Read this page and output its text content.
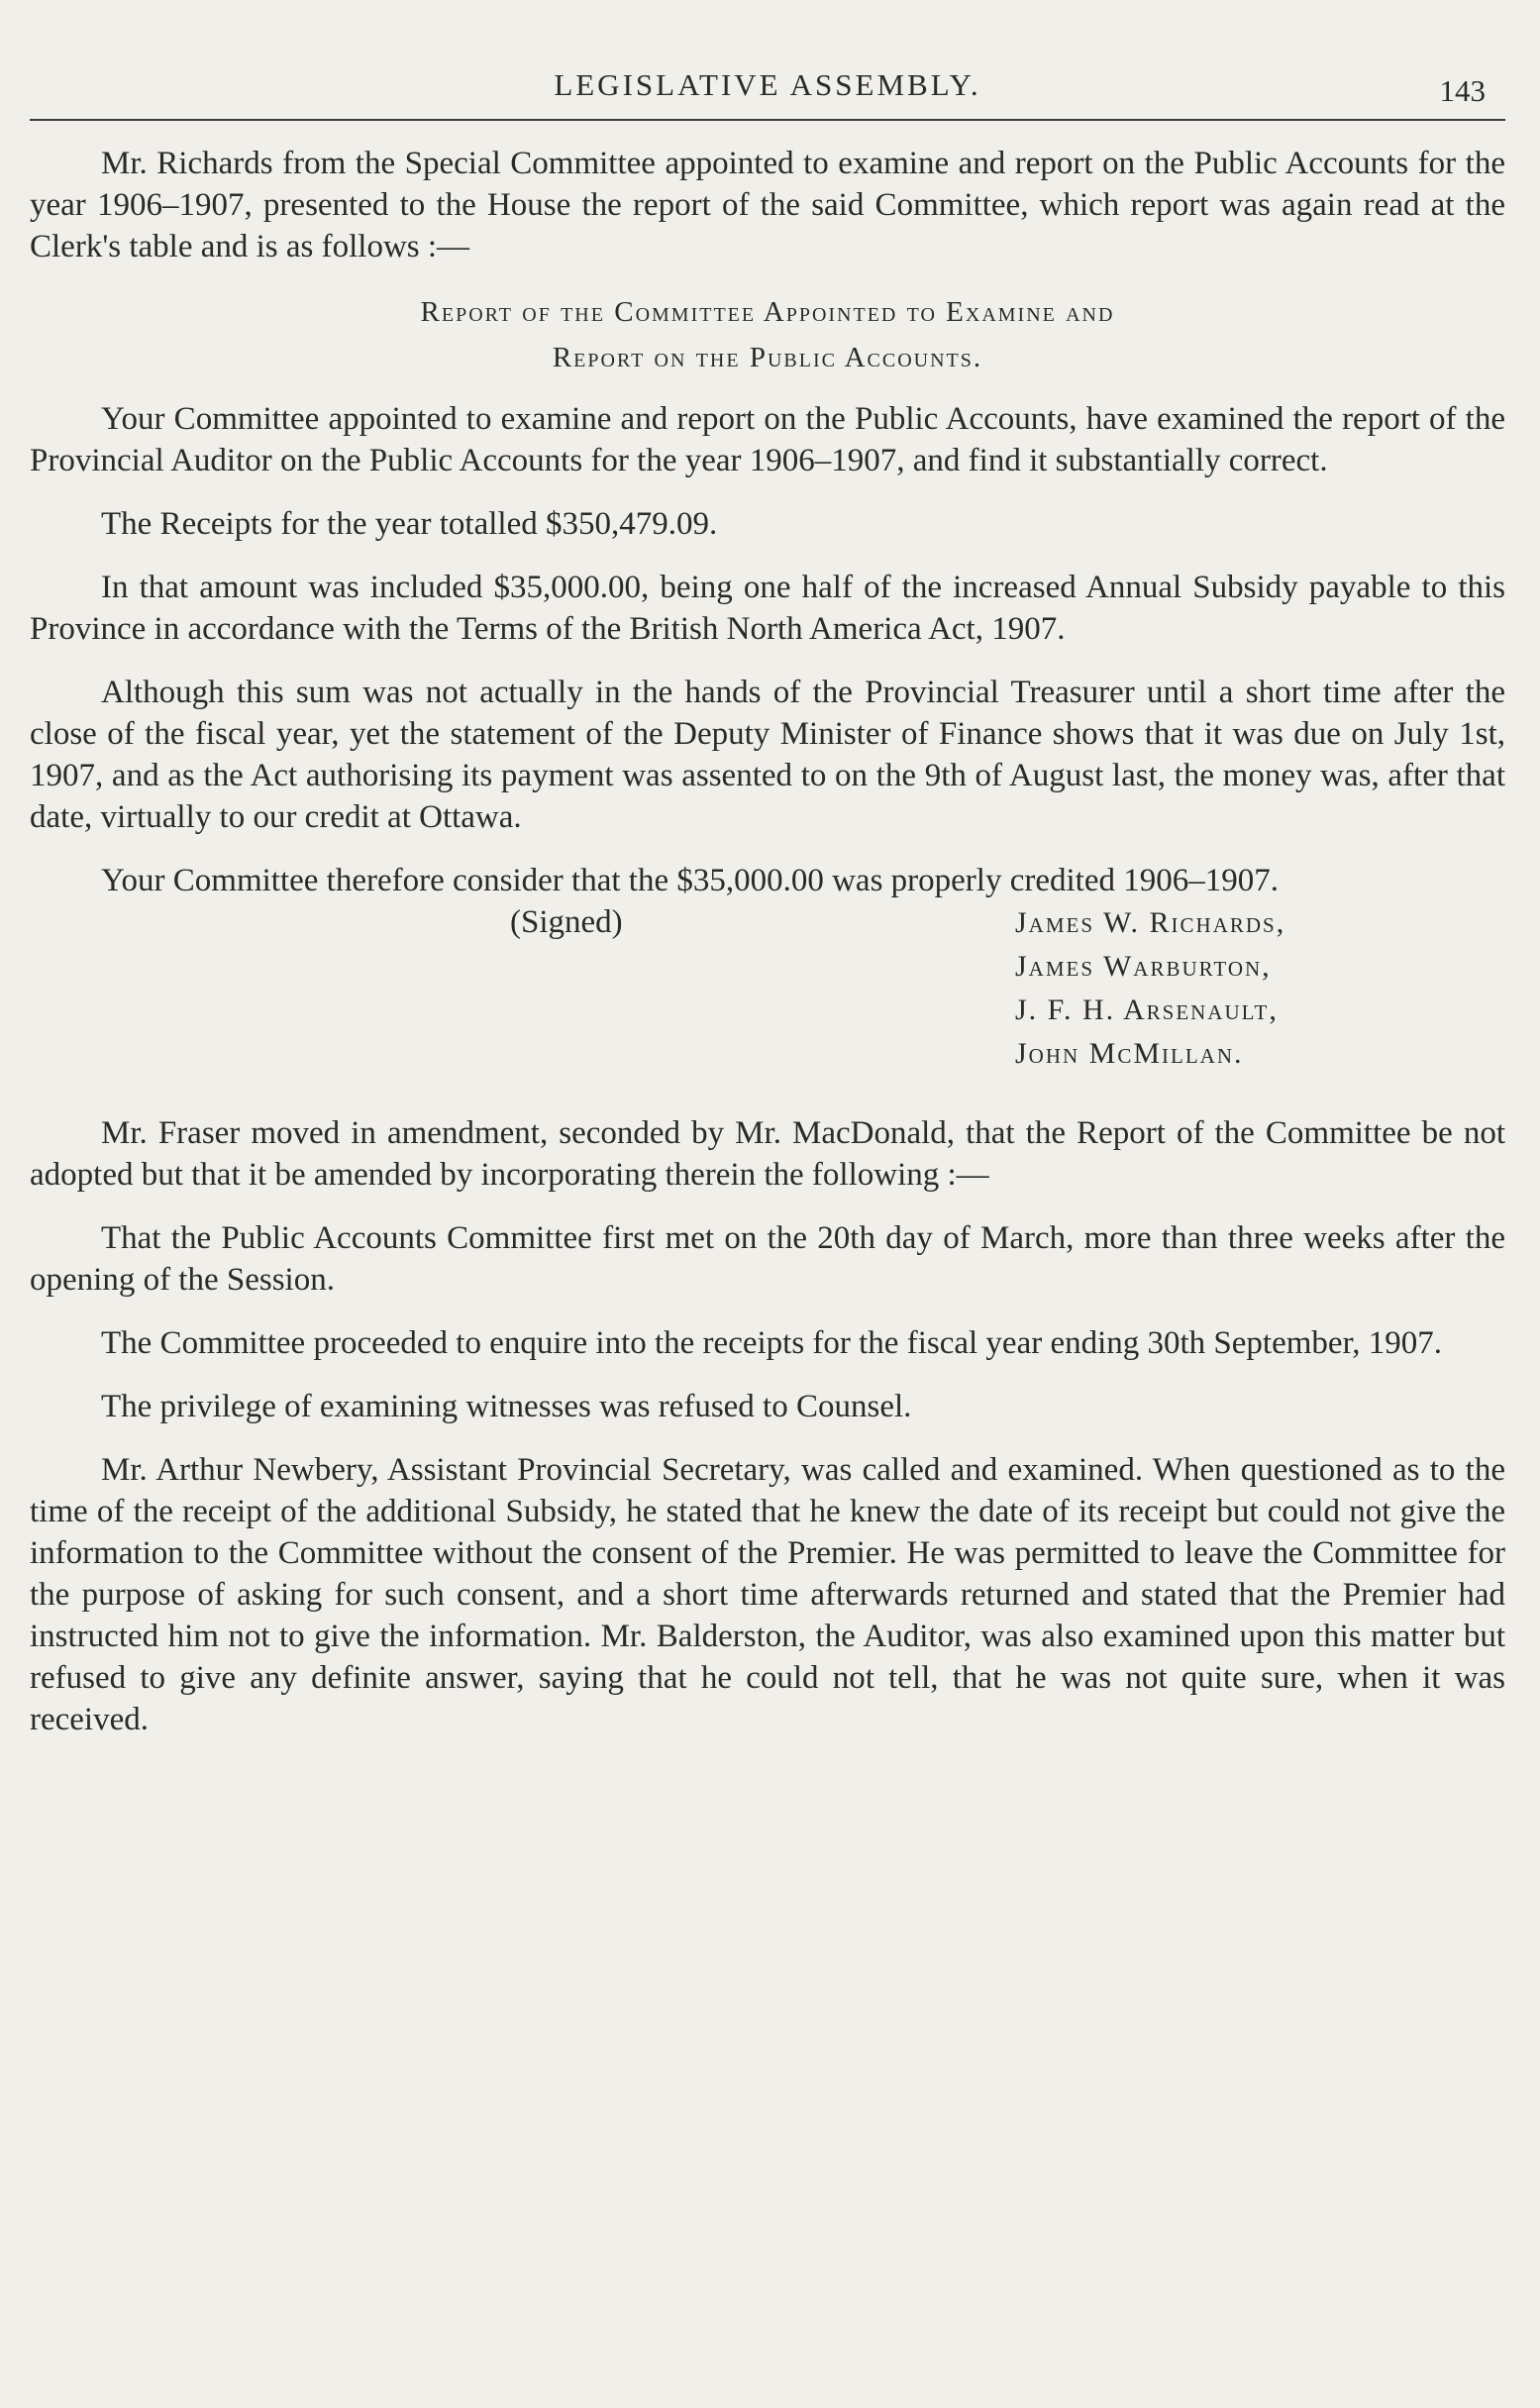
LEGISLATIVE ASSEMBLY.	143

Mr. Richards from the Special Committee appointed to examine and report on the Public Accounts for the year 1906–1907, presented to the House the report of the said Committee, which report was again read at the Clerk's table and is as follows :—

Report of the Committee Appointed to Examine and
Report on the Public Accounts.

Your Committee appointed to examine and report on the Public Accounts, have examined the report of the Provincial Auditor on the Public Accounts for the year 1906–1907, and find it substantially correct.

The Receipts for the year totalled $350,479.09.

In that amount was included $35,000.00, being one half of the increased Annual Subsidy payable to this Province in accordance with the Terms of the British North America Act, 1907.

Although this sum was not actually in the hands of the Provincial Treasurer until a short time after the close of the fiscal year, yet the statement of the Deputy Minister of Finance shows that it was due on July 1st, 1907, and as the Act authorising its payment was assented to on the 9th of August last, the money was, after that date, virtually to our credit at Ottawa.

Your Committee therefore consider that the $35,000.00 was properly credited 1906–1907.

(Signed)	James W. Richards,
James Warburton,
J. F. H. Arsenault,
John McMillan.

Mr. Fraser moved in amendment, seconded by Mr. MacDonald, that the Report of the Committee be not adopted but that it be amended by incorporating therein the following :—

That the Public Accounts Committee first met on the 20th day of March, more than three weeks after the opening of the Session.

The Committee proceeded to enquire into the receipts for the fiscal year ending 30th September, 1907.

The privilege of examining witnesses was refused to Counsel.

Mr. Arthur Newbery, Assistant Provincial Secretary, was called and examined. When questioned as to the time of the receipt of the additional Subsidy, he stated that he knew the date of its receipt but could not give the information to the Committee without the consent of the Premier. He was permitted to leave the Committee for the purpose of asking for such consent, and a short time afterwards returned and stated that the Premier had instructed him not to give the information. Mr. Balderston, the Auditor, was also examined upon this matter but refused to give any definite answer, saying that he could not tell, that he was not quite sure, when it was received.
